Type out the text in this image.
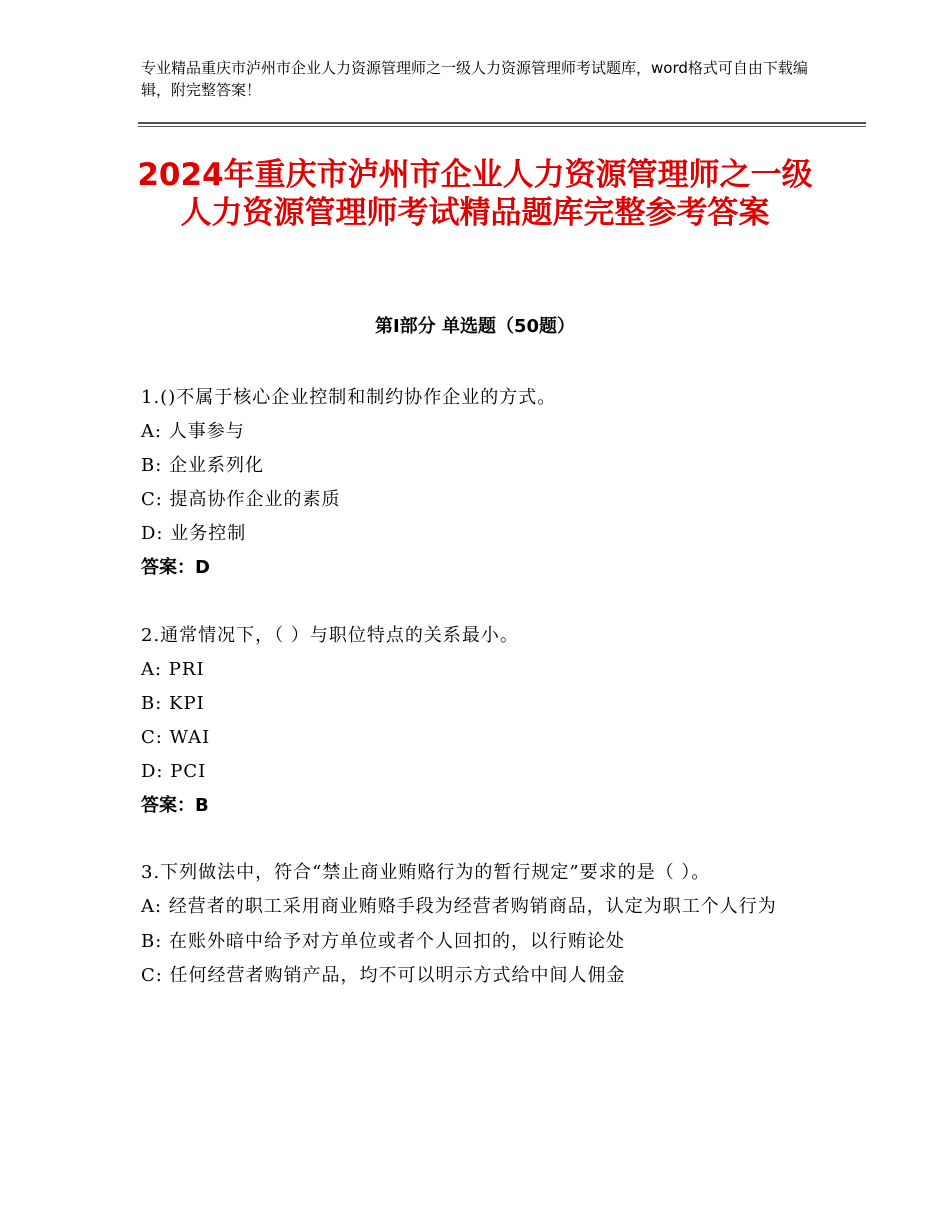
专业精品重庆市泸州市企业人力资源管理师之一级人力资源管理师考试题库，word格式可自由下载编辑，附完整答案！
2024年重庆市泸州市企业人力资源管理师之一级人力资源管理师考试精品题库完整参考答案
第Ⅰ部分 单选题（50题）
1.()不属于核心企业控制和制约协作企业的方式。
A: 人事参与
B: 企业系列化
C: 提高协作企业的素质
D: 业务控制
答案：D
2.通常情况下，（ ）与职位特点的关系最小。
A: PRI
B: KPI
C: WAI
D: PCI
答案：B
3.下列做法中，符合“禁止商业贿赂行为的暂行规定”要求的是（ ）。
A: 经营者的职工采用商业贿赂手段为经营者购销商品，认定为职工个人行为
B: 在账外暗中给予对方单位或者个人回扣的，以行贿论处
C: 任何经营者购销产品，均不可以明示方式给中间人佣金
